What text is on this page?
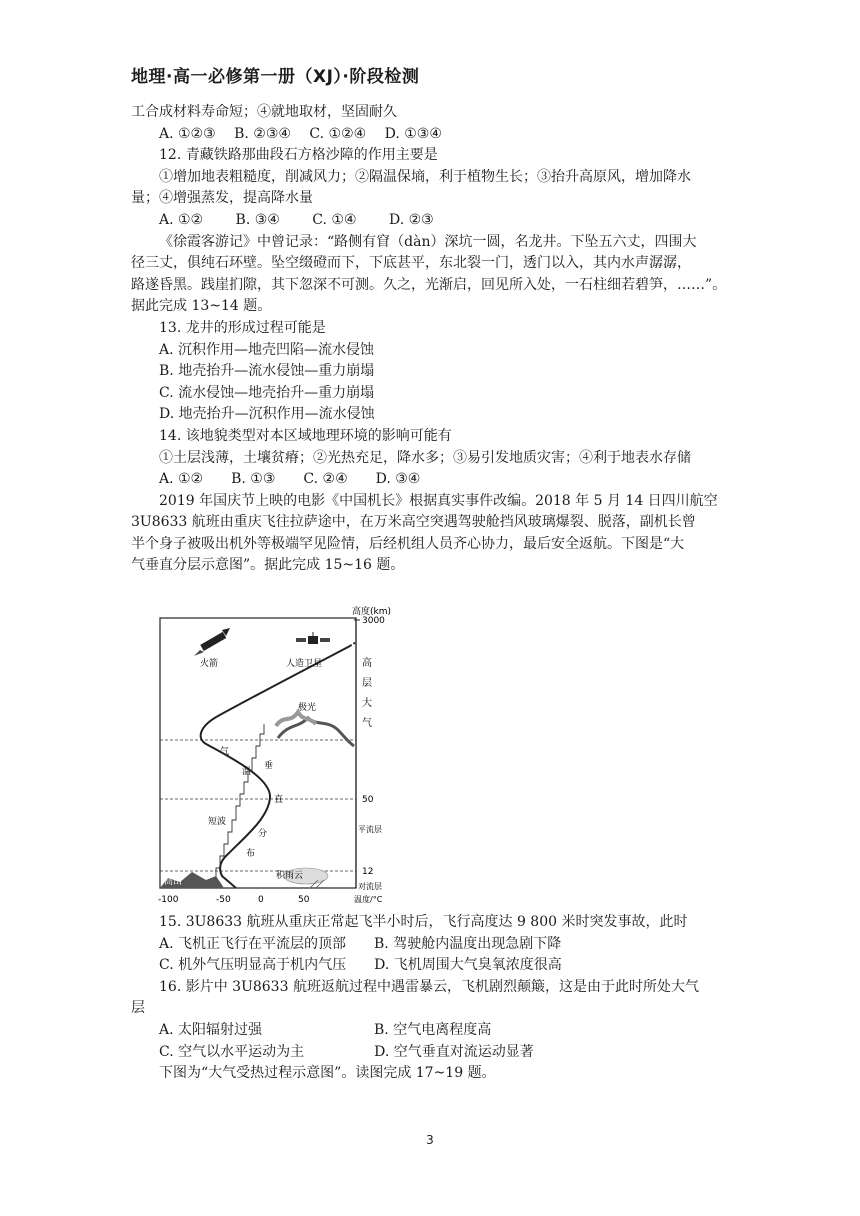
地理·高一必修第一册（XJ）·阶段检测
工合成材料寿命短；④就地取材，坚固耐久
A. ①②③　 B. ②③④　 C. ①②④　 D. ①③④
12. 青藏铁路那曲段石方格沙障的作用主要是
①增加地表粗糙度，削减风力；②隔温保墒，利于植物生长；③抬升高原风，增加降水
量；④增强蒸发，提高降水量
A. ①②　　 B. ③④　　 C. ①④　　 D. ②③
《徐霞客游记》中曾记录：“路侧有窅（dàn）深坑一圆，名龙井。下坠五六丈，四围大
径三丈，俱纯石环壁。坠空缀磴而下，下底甚平，东北裂一门，透门以入，其内水声潺潺，
路遂昏黑。践崖扪隙，其下忽深不可测。久之，光渐启，回见所入处，一石柱细若碧笋，……”。
据此完成 13~14 题。
13. 龙井的形成过程可能是
A. 沉积作用—地壳凹陷—流水侵蚀
B. 地壳抬升—流水侵蚀—重力崩塌
C. 流水侵蚀—地壳抬升—重力崩塌
D. 地壳抬升—沉积作用—流水侵蚀
14. 该地貌类型对本区域地理环境的影响可能有
①土层浅薄，土壤贫瘠；②光热充足，降水多；③易引发地质灾害；④利于地表水存储
A. ①②　　B. ①③　　C. ②④　　D. ③④
2019 年国庆节上映的电影《中国机长》根据真实事件改编。2018 年 5 月 14 日四川航空
3U8633 航班由重庆飞往拉萨途中，在万米高空突遇驾驶舱挡风玻璃爆裂、脱落，副机长曾
半个身子被吸出机外等极端罕见险情，后经机组人员齐心协力，最后安全返航。下图是“大
气垂直分层示意图”。据此完成 15~16 题。
高度(km)
3000
50
12
高
层
大
气
平流层
对流层
气
温
垂
直
分
布
短波
极光
火箭	人造卫星
高山
积雨云
-100	-50	0	50	温度/°C
15. 3U8633 航班从重庆正常起飞半小时后，飞行高度达 9 800 米时突发事故，此时
A. 飞机正飞行在平流层的顶部　　B. 驾驶舱内温度出现急剧下降
C. 机外气压明显高于机内气压　　D. 飞机周围大气臭氧浓度很高
16. 影片中 3U8633 航班返航过程中遇雷暴云，飞机剧烈颠簸，这是由于此时所处大气
层
A. 太阳辐射过强　　　　　　　　B. 空气电离程度高
C. 空气以水平运动为主　　　　　D. 空气垂直对流运动显著
下图为“大气受热过程示意图”。读图完成 17~19 题。
3
